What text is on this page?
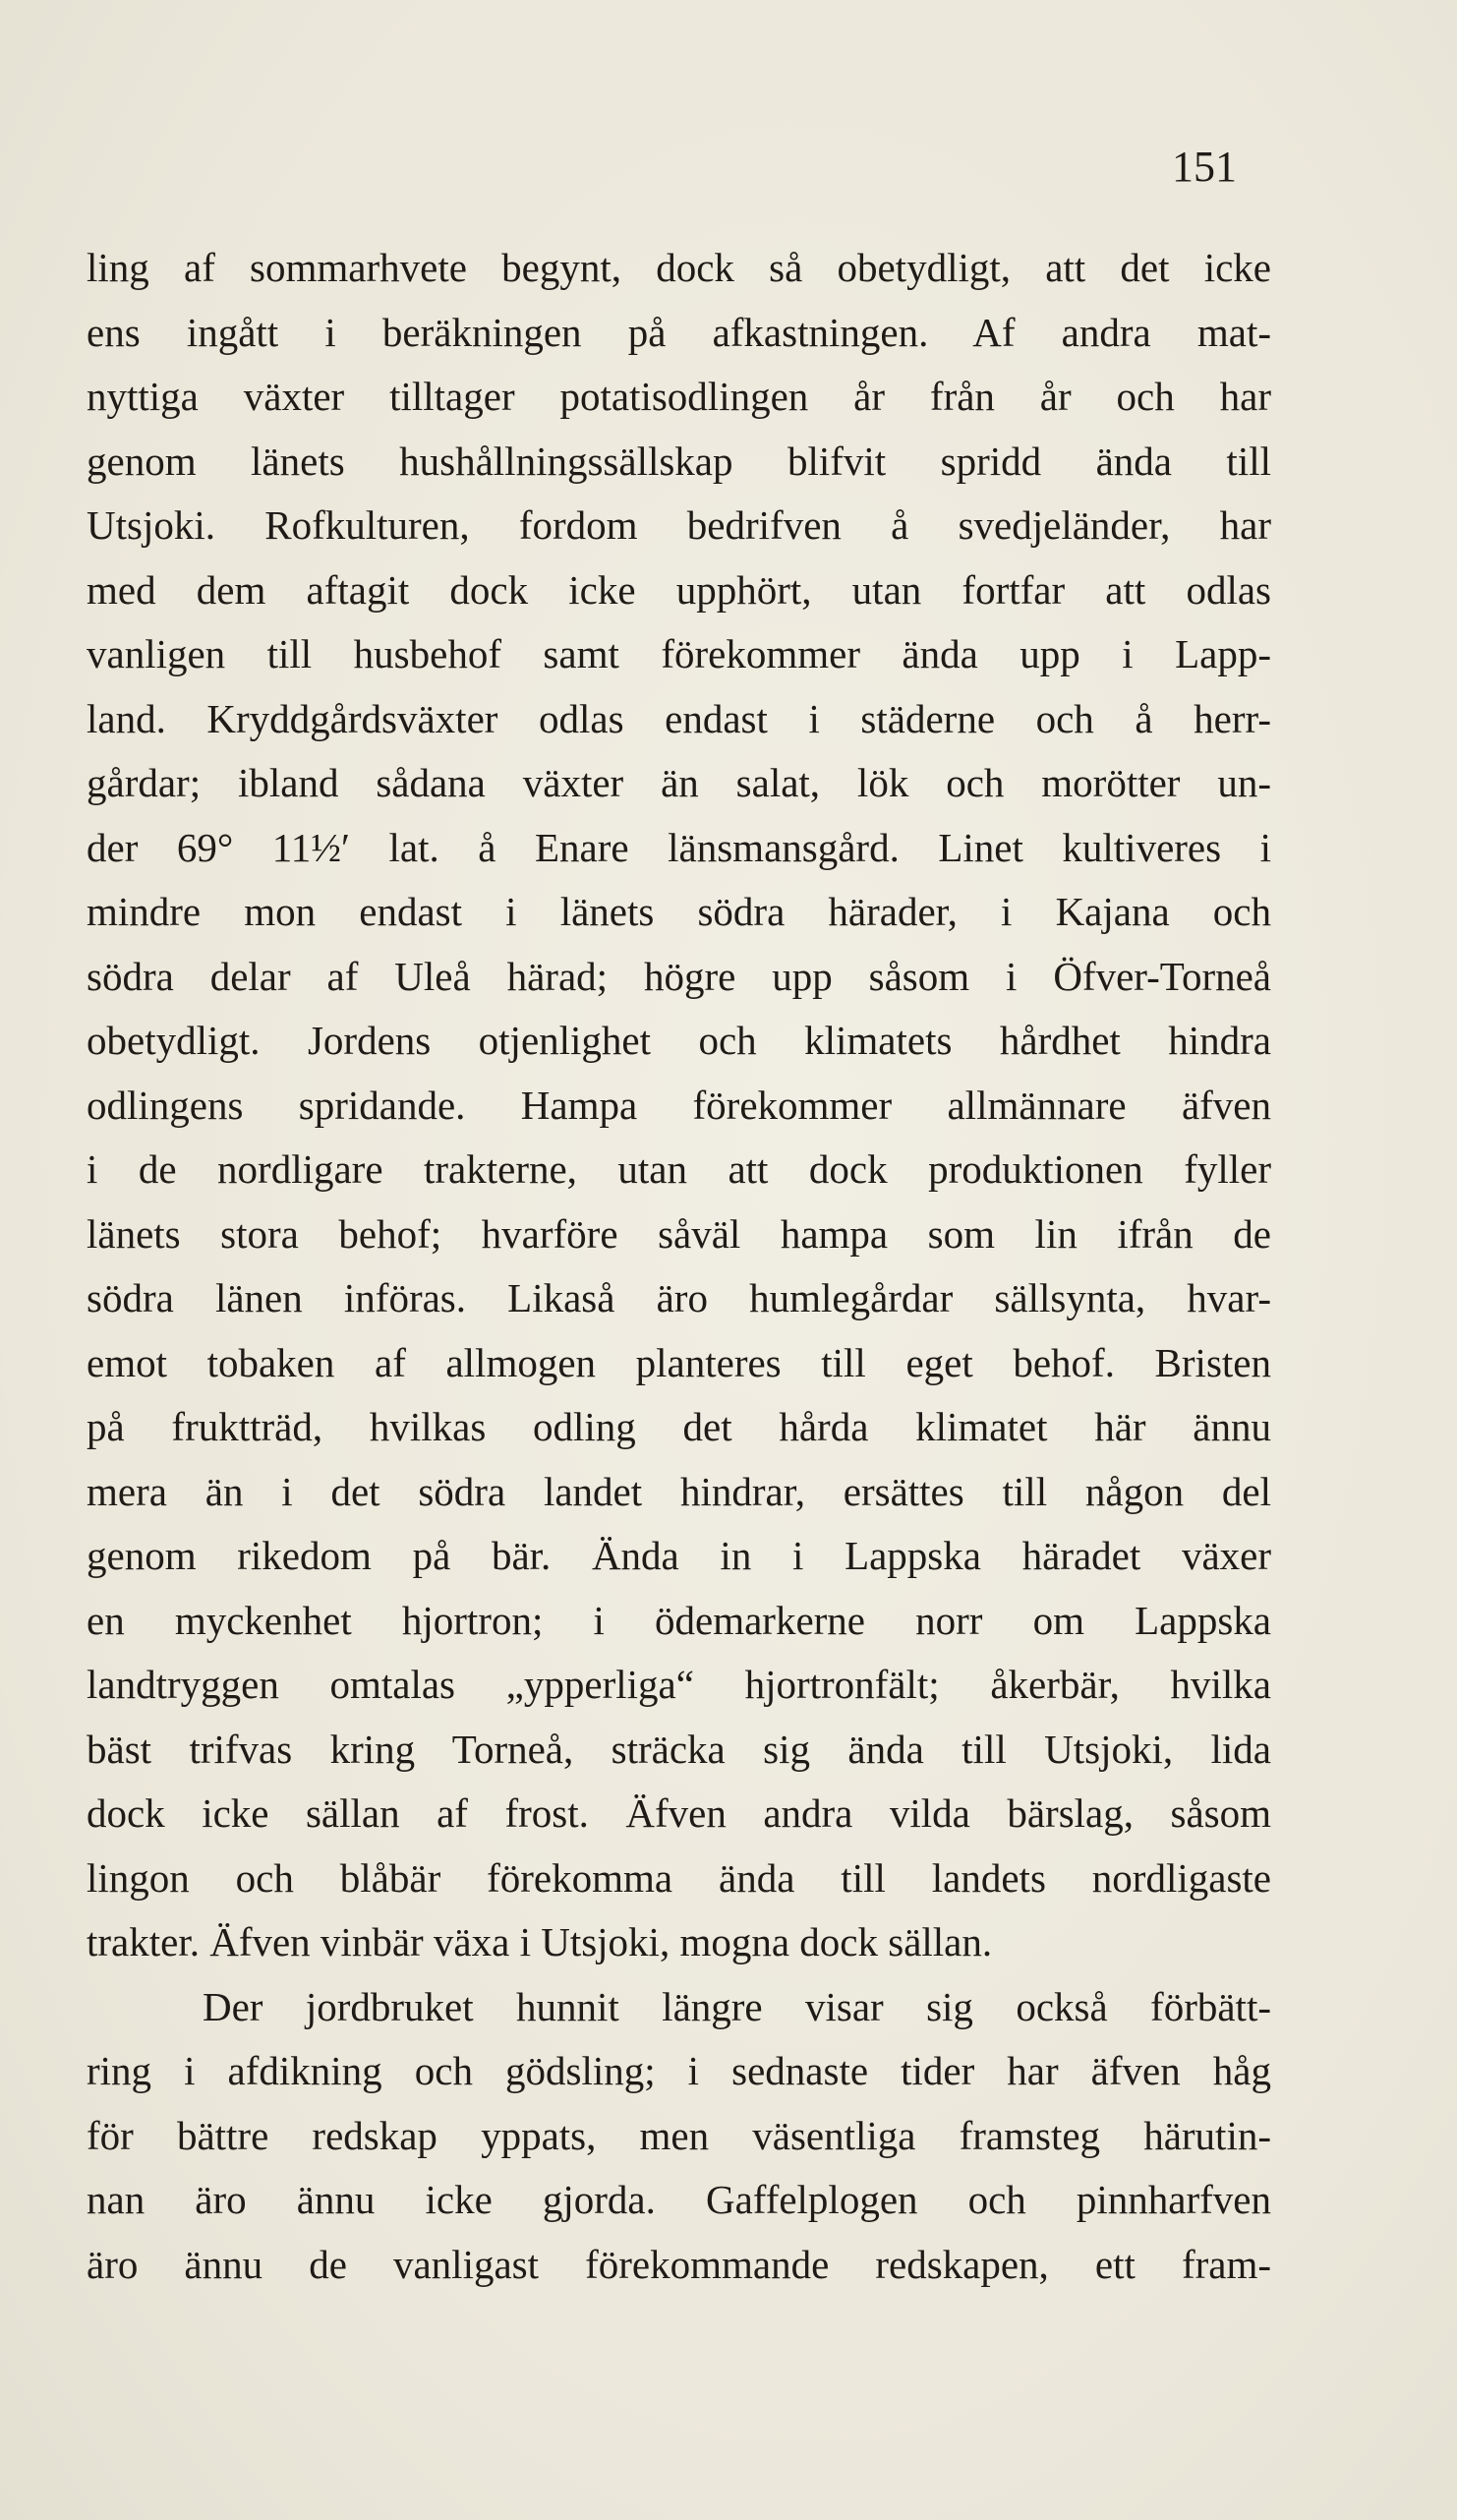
151
ling af sommarhvete begynt, dock så obetydligt, att det icke
ens ingått i beräkningen på afkastningen. Af andra mat-
nyttiga växter tilltager potatisodlingen år från år och har
genom länets hushållningssällskap blifvit spridd ända till
Utsjoki. Rofkulturen, fordom bedrifven å svedjeländer, har
med dem aftagit dock icke upphört, utan fortfar att odlas
vanligen till husbehof samt förekommer ända upp i Lapp-
land. Kryddgårdsväxter odlas endast i städerne och å herr-
gårdar; ibland sådana växter än salat, lök och morötter un-
der 69° 11½′ lat. å Enare länsmansgård. Linet kultiveres i
mindre mon endast i länets södra härader, i Kajana och
södra delar af Uleå härad; högre upp såsom i Öfver-Torneå
obetydligt. Jordens otjenlighet och klimatets hårdhet hindra
odlingens spridande. Hampa förekommer allmännare äfven
i de nordligare trakterne, utan att dock produktionen fyller
länets stora behof; hvarföre såväl hampa som lin ifrån de
södra länen införas. Likaså äro humlegårdar sällsynta, hvar-
emot tobaken af allmogen planteres till eget behof. Bristen
på fruktträd, hvilkas odling det hårda klimatet här ännu
mera än i det södra landet hindrar, ersättes till någon del
genom rikedom på bär. Ända in i Lappska häradet växer
en myckenhet hjortron; i ödemarkerne norr om Lappska
landtryggen omtalas „ypperliga“ hjortronfält; åkerbär, hvilka
bäst trifvas kring Torneå, sträcka sig ända till Utsjoki, lida
dock icke sällan af frost. Äfven andra vilda bärslag, såsom
lingon och blåbär förekomma ända till landets nordligaste
trakter. Äfven vinbär växa i Utsjoki, mogna dock sällan.
Der jordbruket hunnit längre visar sig också förbätt-
ring i afdikning och gödsling; i sednaste tider har äfven håg
för bättre redskap yppats, men väsentliga framsteg härutin-
nan äro ännu icke gjorda. Gaffelplogen och pinnharfven
äro ännu de vanligast förekommande redskapen, ett fram-
